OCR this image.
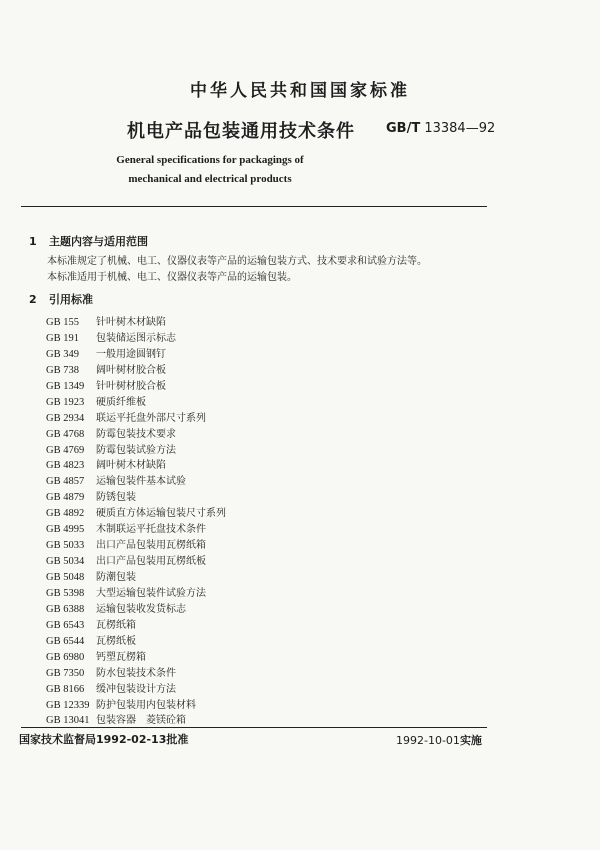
中华人民共和国国家标准
机电产品包装通用技术条件 GB/T 13384—92
General specifications for packagings of
mechanical and electrical products
1 主题内容与适用范围
本标准规定了机械、电工、仪器仪表等产品的运输包装方式、技术要求和试验方法等。
本标准适用于机械、电工、仪器仪表等产品的运输包装。
2 引用标准
GB 155 针叶树木材缺陷
GB 191 包装储运图示标志
GB 349 一般用途圆钢钉
GB 738 阔叶树材胶合板
GB 1349 针叶树材胶合板
GB 1923 硬质纤维板
GB 2934 联运平托盘外部尺寸系列
GB 4768 防霉包装技术要求
GB 4769 防霉包装试验方法
GB 4823 阔叶树木材缺陷
GB 4857 运输包装件基本试验
GB 4879 防锈包装
GB 4892 硬质直方体运输包装尺寸系列
GB 4995 木制联运平托盘技术条件
GB 5033 出口产品包装用瓦楞纸箱
GB 5034 出口产品包装用瓦楞纸板
GB 5048 防潮包装
GB 5398 大型运输包装件试验方法
GB 6388 运输包装收发货标志
GB 6543 瓦楞纸箱
GB 6544 瓦楞纸板
GB 6980 钙塑瓦楞箱
GB 7350 防水包装技术条件
GB 8166 缓冲包装设计方法
GB 12339 防护包装用内包装材料
GB 13041 包装容器　菱镁砼箱
国家技术监督局1992-02-13批准	1992-10-01实施
